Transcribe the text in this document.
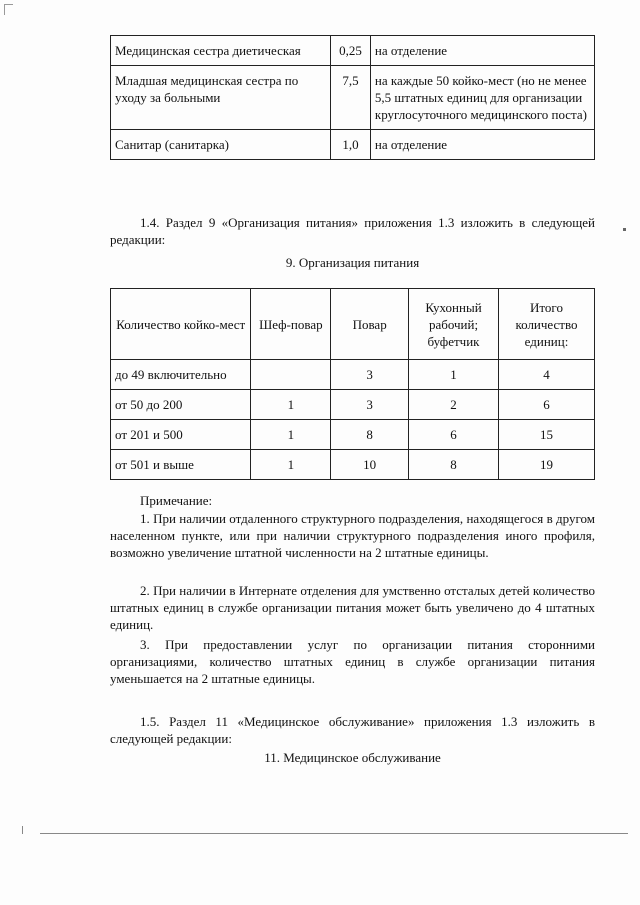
Медицинская сестра диетическая	0,25	на отделение
Младшая медицинская сестра по уходу за больными	7,5	на каждые 50 койко-мест (но не менее 5,5 штатных единиц для организации круглосуточного медицинского поста)
Санитар (санитарка)	1,0	на отделение
1.4. Раздел 9 «Организация питания» приложения 1.3 изложить в следующей редакции:
9. Организация питания
Количество койко-мест	Шеф-повар	Повар	Кухонный рабочий; буфетчик	Итого количество единиц:
до 49 включительно		3	1	4
от 50 до 200	1	3	2	6
от 201 и 500	1	8	6	15
от 501 и выше	1	10	8	19
Примечание:
1. При наличии отдаленного структурного подразделения, находящегося в другом населенном пункте, или при наличии структурного подразделения иного профиля, возможно увеличение штатной численности на 2 штатные единицы.
2. При наличии в Интернате отделения для умственно отсталых детей количество штатных единиц в службе организации питания может быть увеличено до 4 штатных единиц.
3. При предоставлении услуг по организации питания сторонними организациями, количество штатных единиц в службе организации питания уменьшается на 2 штатные единицы.
1.5. Раздел 11 «Медицинское обслуживание» приложения 1.3 изложить в следующей редакции:
11. Медицинское обслуживание
